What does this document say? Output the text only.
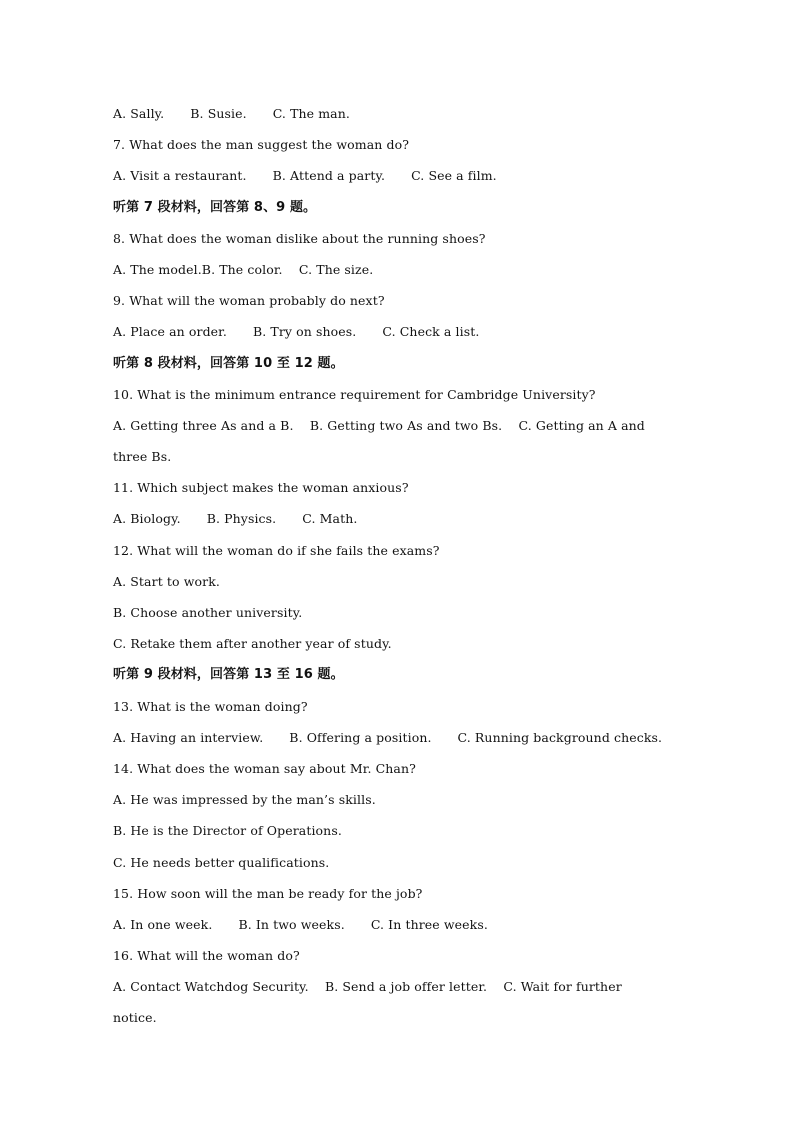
A. Sally. B. Susie. C. The man.
7. What does the man suggest the woman do?
A. Visit a restaurant. B. Attend a party. C. See a film.
听第 7 段材料，回答第 8、9 题。
8. What does the woman dislike about the running shoes?
A. The model.B. The color.    C. The size.
9. What will the woman probably do next?
A. Place an order. B. Try on shoes. C. Check a list.
听第 8 段材料，回答第 10 至 12 题。
10. What is the minimum entrance requirement for Cambridge University?
A. Getting three As and a B.    B. Getting two As and two Bs.    C. Getting an A and
three Bs.
11. Which subject makes the woman anxious?
A. Biology. B. Physics. C. Math.
12. What will the woman do if she fails the exams?
A. Start to work.
B. Choose another university.
C. Retake them after another year of study.
听第 9 段材料，回答第 13 至 16 题。
13. What is the woman doing?
A. Having an interview. B. Offering a position. C. Running background checks.
14. What does the woman say about Mr. Chan?
A. He was impressed by the man’s skills.
B. He is the Director of Operations.
C. He needs better qualifications.
15. How soon will the man be ready for the job?
A. In one week. B. In two weeks. C. In three weeks.
16. What will the woman do?
A. Contact Watchdog Security.    B. Send a job offer letter.    C. Wait for further
notice.
